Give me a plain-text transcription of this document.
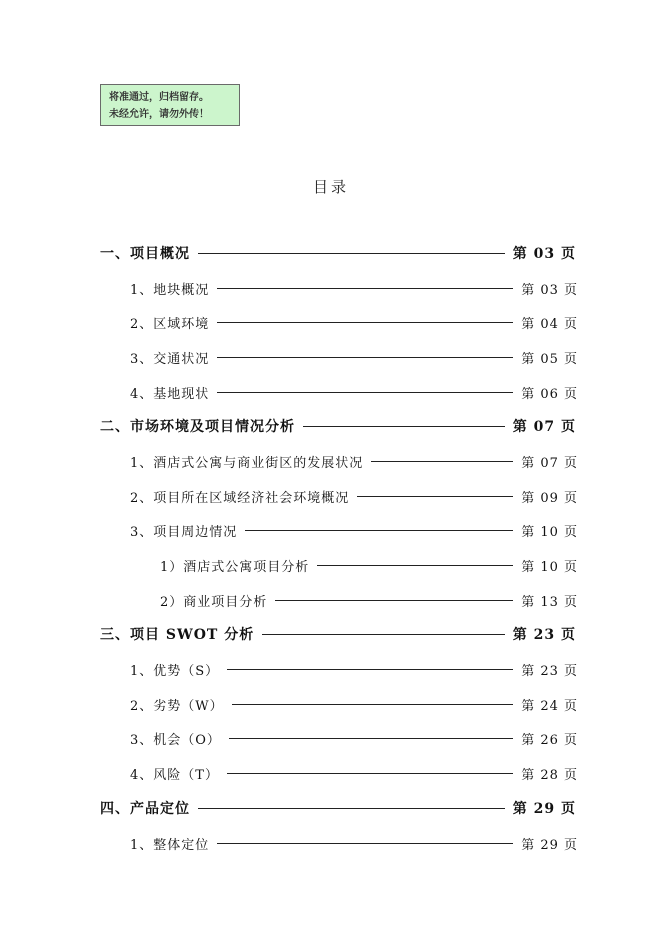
将准通过，归档留存。
未经允许，请勿外传！
目录
一、项目概况	第 03 页
1、地块概况	第 03 页
2、区域环境	第 04 页
3、交通状况	第 05 页
4、基地现状	第 06 页
二、市场环境及项目情况分析	第 07 页
1、酒店式公寓与商业街区的发展状况	第 07 页
2、项目所在区域经济社会环境概况	第 09 页
3、项目周边情况	第 10 页
1）酒店式公寓项目分析	第 10 页
2）商业项目分析	第 13 页
三、项目 SWOT 分析	第 23 页
1、优势（S）	第 23 页
2、劣势（W）	第 24 页
3、机会（O）	第 26 页
4、风险（T）	第 28 页
四、产品定位	第 29 页
1、整体定位	第 29 页
